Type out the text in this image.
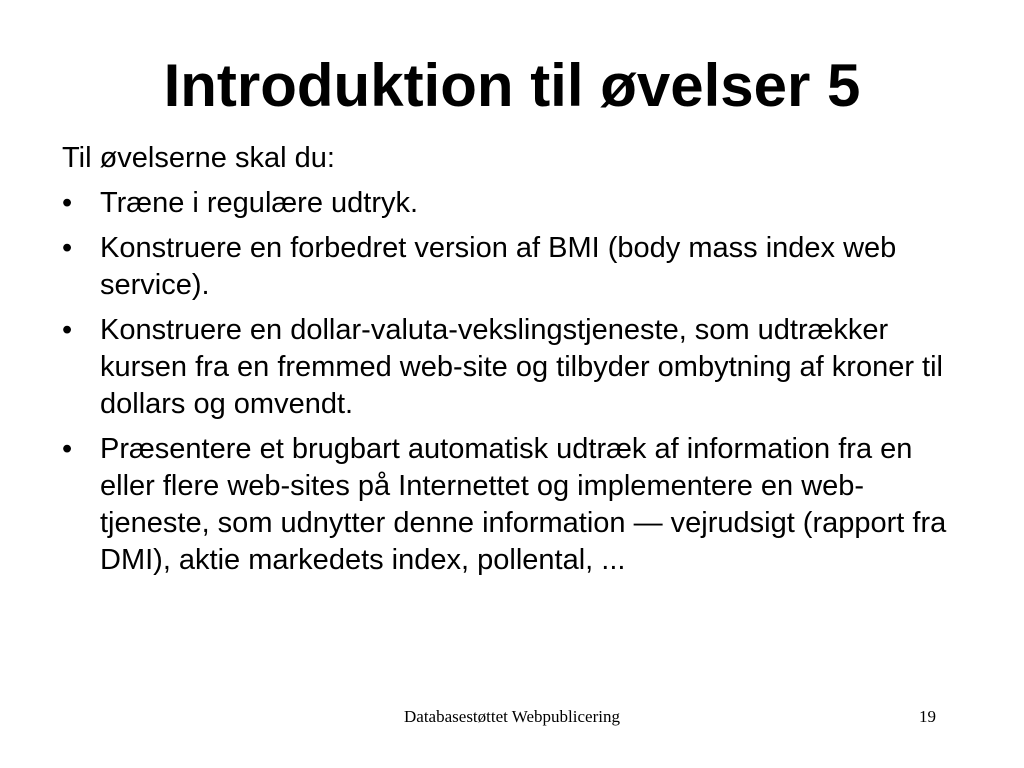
Introduktion til øvelser 5

Til øvelserne skal du:

• Træne i regulære udtryk.
• Konstruere en forbedret version af BMI (body mass index web service).
• Konstruere en dollar-valuta-vekslingstjeneste, som udtrækker kursen fra en fremmed web-site og tilbyder ombytning af kroner til dollars og omvendt.
• Præsentere et brugbart automatisk udtræk af information fra en eller flere web-sites på Internettet og implementere en web-tjeneste, som udnytter denne information — vejrudsigt (rapport fra DMI), aktie markedets index, pollental, ...
Databasestøttet Webpublicering	19
